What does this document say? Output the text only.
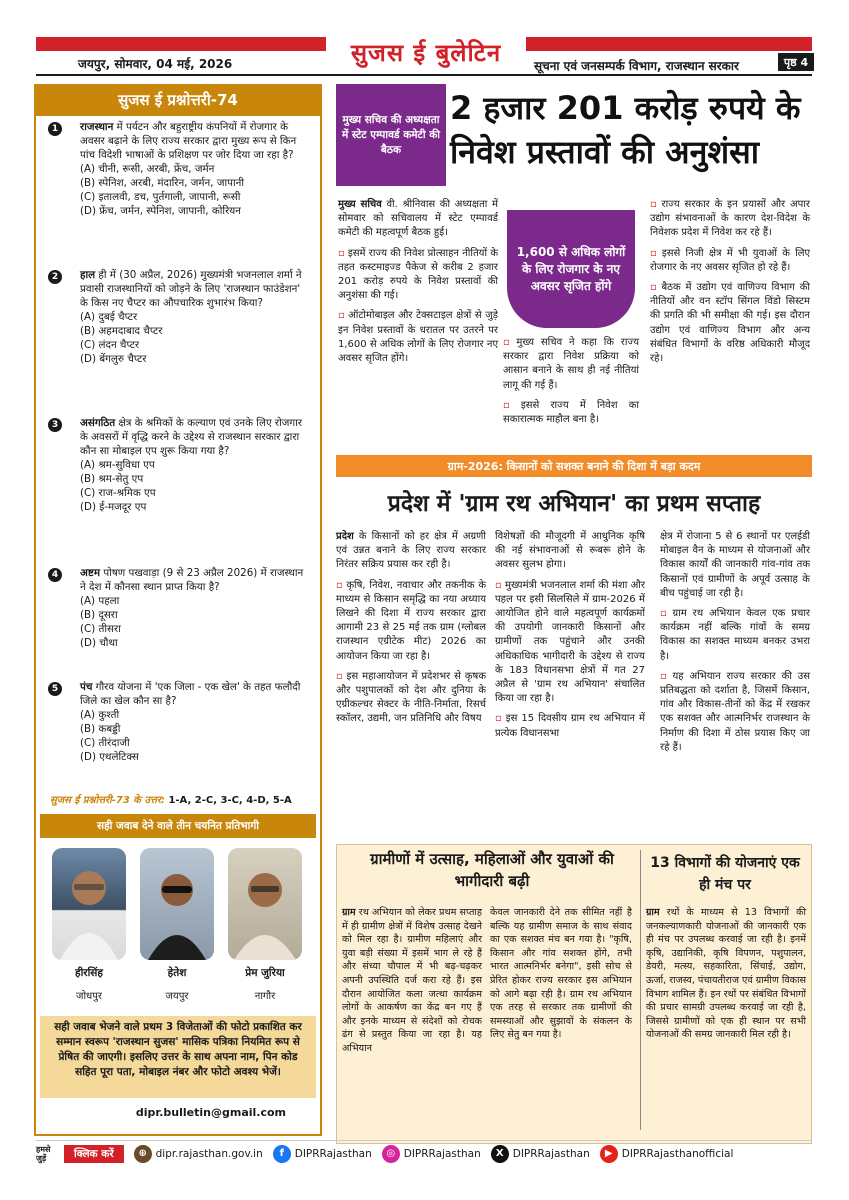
सुजस ई बुलेटिन
जयपुर, सोमवार, 04 मई, 2026	सूचना एवं जनसम्पर्क विभाग, राजस्थान सरकार	पृष्ठ 4
सुजस ई प्रश्नोत्तरी-74
1	राजस्थान में पर्यटन और बहुराष्ट्रीय कंपनियों में रोजगार के अवसर बढ़ाने के लिए राज्य सरकार द्वारा मुख्य रूप से किन पांच विदेशी भाषाओं के प्रशिक्षण पर जोर दिया जा रहा है?
(A) चीनी, रूसी, अरबी, फ्रेंच, जर्मन
(B) स्पेनिश, अरबी, मंदारिन, जर्मन, जापानी
(C) इतालवी, डच, पुर्तगाली, जापानी, रूसी
(D) फ्रेंच, जर्मन, स्पेनिश, जापानी, कोरियन
2	हाल ही में (30 अप्रैल, 2026) मुख्यमंत्री भजनलाल शर्मा ने प्रवासी राजस्थानियों को जोड़ने के लिए 'राजस्थान फाउंडेशन' के किस नए चैप्टर का औपचारिक शुभारंभ किया?
(A) दुबई चैप्टर
(B) अहमदाबाद चैप्टर
(C) लंदन चैप्टर
(D) बेंगलुरु चैप्टर
3	असंगठित क्षेत्र के श्रमिकों के कल्याण एवं उनके लिए रोजगार के अवसरों में वृद्धि करने के उद्देश्य से राजस्थान सरकार द्वारा कौन सा मोबाइल एप शुरू किया गया है?
(A) श्रम-सुविधा एप
(B) श्रम-सेतु एप
(C) राज-श्रमिक एप
(D) ई-मजदूर एप
4	अष्टम पोषण पखवाड़ा (9 से 23 अप्रैल 2026) में राजस्थान ने देश में कौनसा स्थान प्राप्त किया है?
(A) पहला
(B) दूसरा
(C) तीसरा
(D) चौथा
5	पंच गौरव योजना में 'एक जिला - एक खेल' के तहत फलौदी जिले का खेल कौन सा है?
(A) कुश्ती
(B) कबड्डी
(C) तीरंदाजी
(D) एथलेटिक्स
सुजस ई प्रश्नोत्तरी-73 के उत्तर: 1-A, 2-C, 3-C, 4-D, 5-A
सही जवाब देने वाले तीन चयनित प्रतिभागी
हीरसिंह
जोधपुर
हेतेश
जयपुर
प्रेम जुरिया
नागौर
सही जवाब भेजने वाले प्रथम 3 विजेताओं की फोटो प्रकाशित कर सम्मान स्वरूप 'राजस्थान सुजस' मासिक पत्रिका नियमित रूप से प्रेषित की जाएगी। इसलिए उत्तर के साथ अपना नाम, पिन कोड सहित पूरा पता, मोबाइल नंबर और फोटो अवश्य भेजें।
dipr.bulletin@gmail.com
मुख्य सचिव की अध्यक्षता में स्टेट एम्पावर्ड कमेटी की बैठक
2 हजार 201 करोड़ रुपये के निवेश प्रस्तावों की अनुशंसा

मुख्य सचिव वी. श्रीनिवास की अध्यक्षता में सोमवार को सचिवालय में स्टेट एम्पावर्ड कमेटी की महत्वपूर्ण बैठक हुई।

▫ इसमें राज्य की निवेश प्रोत्साहन नीतियों के तहत कस्टमाइज्ड पैकेज से करीब 2 हजार 201 करोड़ रुपये के निवेश प्रस्तावों की अनुशंसा की गई।

▫ ऑटोमोबाइल और टेक्सटाइल क्षेत्रों से जुड़े इन निवेश प्रस्तावों के धरातल पर उतरने पर 1,600 से अधिक लोगों के लिए रोजगार नए अवसर सृजित होंगे।

1,600 से अधिक लोगों के लिए रोजगार के नए अवसर सृजित होंगे

▫ मुख्य सचिव ने कहा कि राज्य सरकार द्वारा निवेश प्रक्रिया को आसान बनाने के साथ ही नई नीतियां लागू की गई हैं।

▫ इससे राज्य में निवेश का सकारात्मक माहौल बना है।

▫ राज्य सरकार के इन प्रयासों और अपार उद्योग संभावनाओं के कारण देश-विदेश के निवेशक प्रदेश में निवेश कर रहे हैं।

▫ इससे निजी क्षेत्र में भी युवाओं के लिए रोजगार के नए अवसर सृजित हो रहे हैं।

▫ बैठक में उद्योग एवं वाणिज्य विभाग की नीतियों और वन स्टॉप सिंगल विंडो सिस्टम की प्रगति की भी समीक्षा की गई। इस दौरान उद्योग एवं वाणिज्य विभाग और अन्य संबंधित विभागों के वरिष्ठ अधिकारी मौजूद रहे।

ग्राम-2026: किसानों को सशक्त बनाने की दिशा में बड़ा कदम
प्रदेश में 'ग्राम रथ अभियान' का प्रथम सप्ताह

प्रदेश के किसानों को हर क्षेत्र में अग्रणी एवं उन्नत बनाने के लिए राज्य सरकार निरंतर सक्रिय प्रयास कर रही है।

▫ कृषि, निवेश, नवाचार और तकनीक के माध्यम से किसान समृद्धि का नया अध्याय लिखने की दिशा में राज्य सरकार द्वारा आगामी 23 से 25 मई तक ग्राम (ग्लोबल राजस्थान एग्रीटेक मीट) 2026 का आयोजन किया जा रहा है।

▫ इस महाआयोजन में प्रदेशभर से कृषक और पशुपालकों को देश और दुनिया के एग्रीकल्चर सेक्टर के नीति-निर्माता, रिसर्च स्कॉलर, उद्यमी, जन प्रतिनिधि और विषय

विशेषज्ञों की मौजूदगी में आधुनिक कृषि की नई संभावनाओं से रूबरू होने के अवसर सुलभ होगा।

▫ मुख्यमंत्री भजनलाल शर्मा की मंशा और पहल पर इसी सिलसिले में ग्राम-2026 में आयोजित होने वाले महत्वपूर्ण कार्यक्रमों की उपयोगी जानकारी किसानों और ग्रामीणों तक पहुंचाने और उनकी अधिकाधिक भागीदारी के उद्देश्य से राज्य के 183 विधानसभा क्षेत्रों में गत 27 अप्रैल से 'ग्राम रथ अभियान' संचालित किया जा रहा है।

▫ इस 15 दिवसीय ग्राम रथ अभियान में प्रत्येक विधानसभा

क्षेत्र में रोजाना 5 से 6 स्थानों पर एलईडी मोबाइल वैन के माध्यम से योजनाओं और विकास कार्यों की जानकारी गांव-गांव तक किसानों एवं ग्रामीणों के अपूर्व उत्साह के बीच पहुंचाई जा रही है।

▫ ग्राम रथ अभियान केवल एक प्रचार कार्यक्रम नहीं बल्कि गांवों के समग्र विकास का सशक्त माध्यम बनकर उभरा है।

▫ यह अभियान राज्य सरकार की उस प्रतिबद्धता को दर्शाता है, जिसमें किसान, गांव और विकास-तीनों को केंद्र में रखकर एक सशक्त और आत्मनिर्भर राजस्थान के निर्माण की दिशा में ठोस प्रयास किए जा रहे हैं।

ग्रामीणों में उत्साह, महिलाओं और युवाओं की भागीदारी बढ़ी
13 विभागों की योजनाएं एक ही मंच पर

ग्राम रथ अभियान को लेकर प्रथम सप्ताह में ही ग्रामीण क्षेत्रों में विशेष उत्साह देखने को मिल रहा है। ग्रामीण महिलाएं और युवा बड़ी संख्या में इसमें भाग ले रहे हैं और संध्या चौपाल में भी बढ़-चढ़कर अपनी उपस्थिति दर्ज करा रहे हैं। इस दौरान आयोजित कला जत्था कार्यक्रम लोगों के आकर्षण का केंद्र बन गए हैं और इनके माध्यम से संदेशों को रोचक ढंग से प्रस्तुत किया जा रहा है। यह अभियान

केवल जानकारी देने तक सीमित नहीं है बल्कि यह ग्रामीण समाज के साथ संवाद का एक सशक्त मंच बन गया है। "कृषि, किसान और गांव सशक्त होंगे, तभी भारत आत्मनिर्भर बनेगा", इसी सोच से प्रेरित होकर राज्य सरकार इस अभियान को आगे बढ़ा रही है। ग्राम रथ अभियान एक तरह से सरकार तक ग्रामीणों की समस्याओं और सुझावों के संकलन के लिए सेतु बन गया है।

ग्राम रथों के माध्यम से 13 विभागों की जनकल्याणकारी योजनाओं की जानकारी एक ही मंच पर उपलब्ध करवाई जा रही है। इनमें कृषि, उद्यानिकी, कृषि विपणन, पशुपालन, डेयरी, मत्स्य, सहकारिता, सिंचाई, उद्योग, ऊर्जा, राजस्व, पंचायतीराज एवं ग्रामीण विकास विभाग शामिल हैं। इन रथों पर संबंधित विभागों की प्रचार सामग्री उपलब्ध करवाई जा रही है, जिससे ग्रामीणों को एक ही स्थान पर सभी योजनाओं की समग्र जानकारी मिल रही है।

हमसे जुड़ें	क्लिक करें	⊕ dipr.rajasthan.gov.in	f	DIPRRajasthan	◎ DIPRRajasthan	X DIPRRajasthan	▶ DIPRRajasthanofficial
